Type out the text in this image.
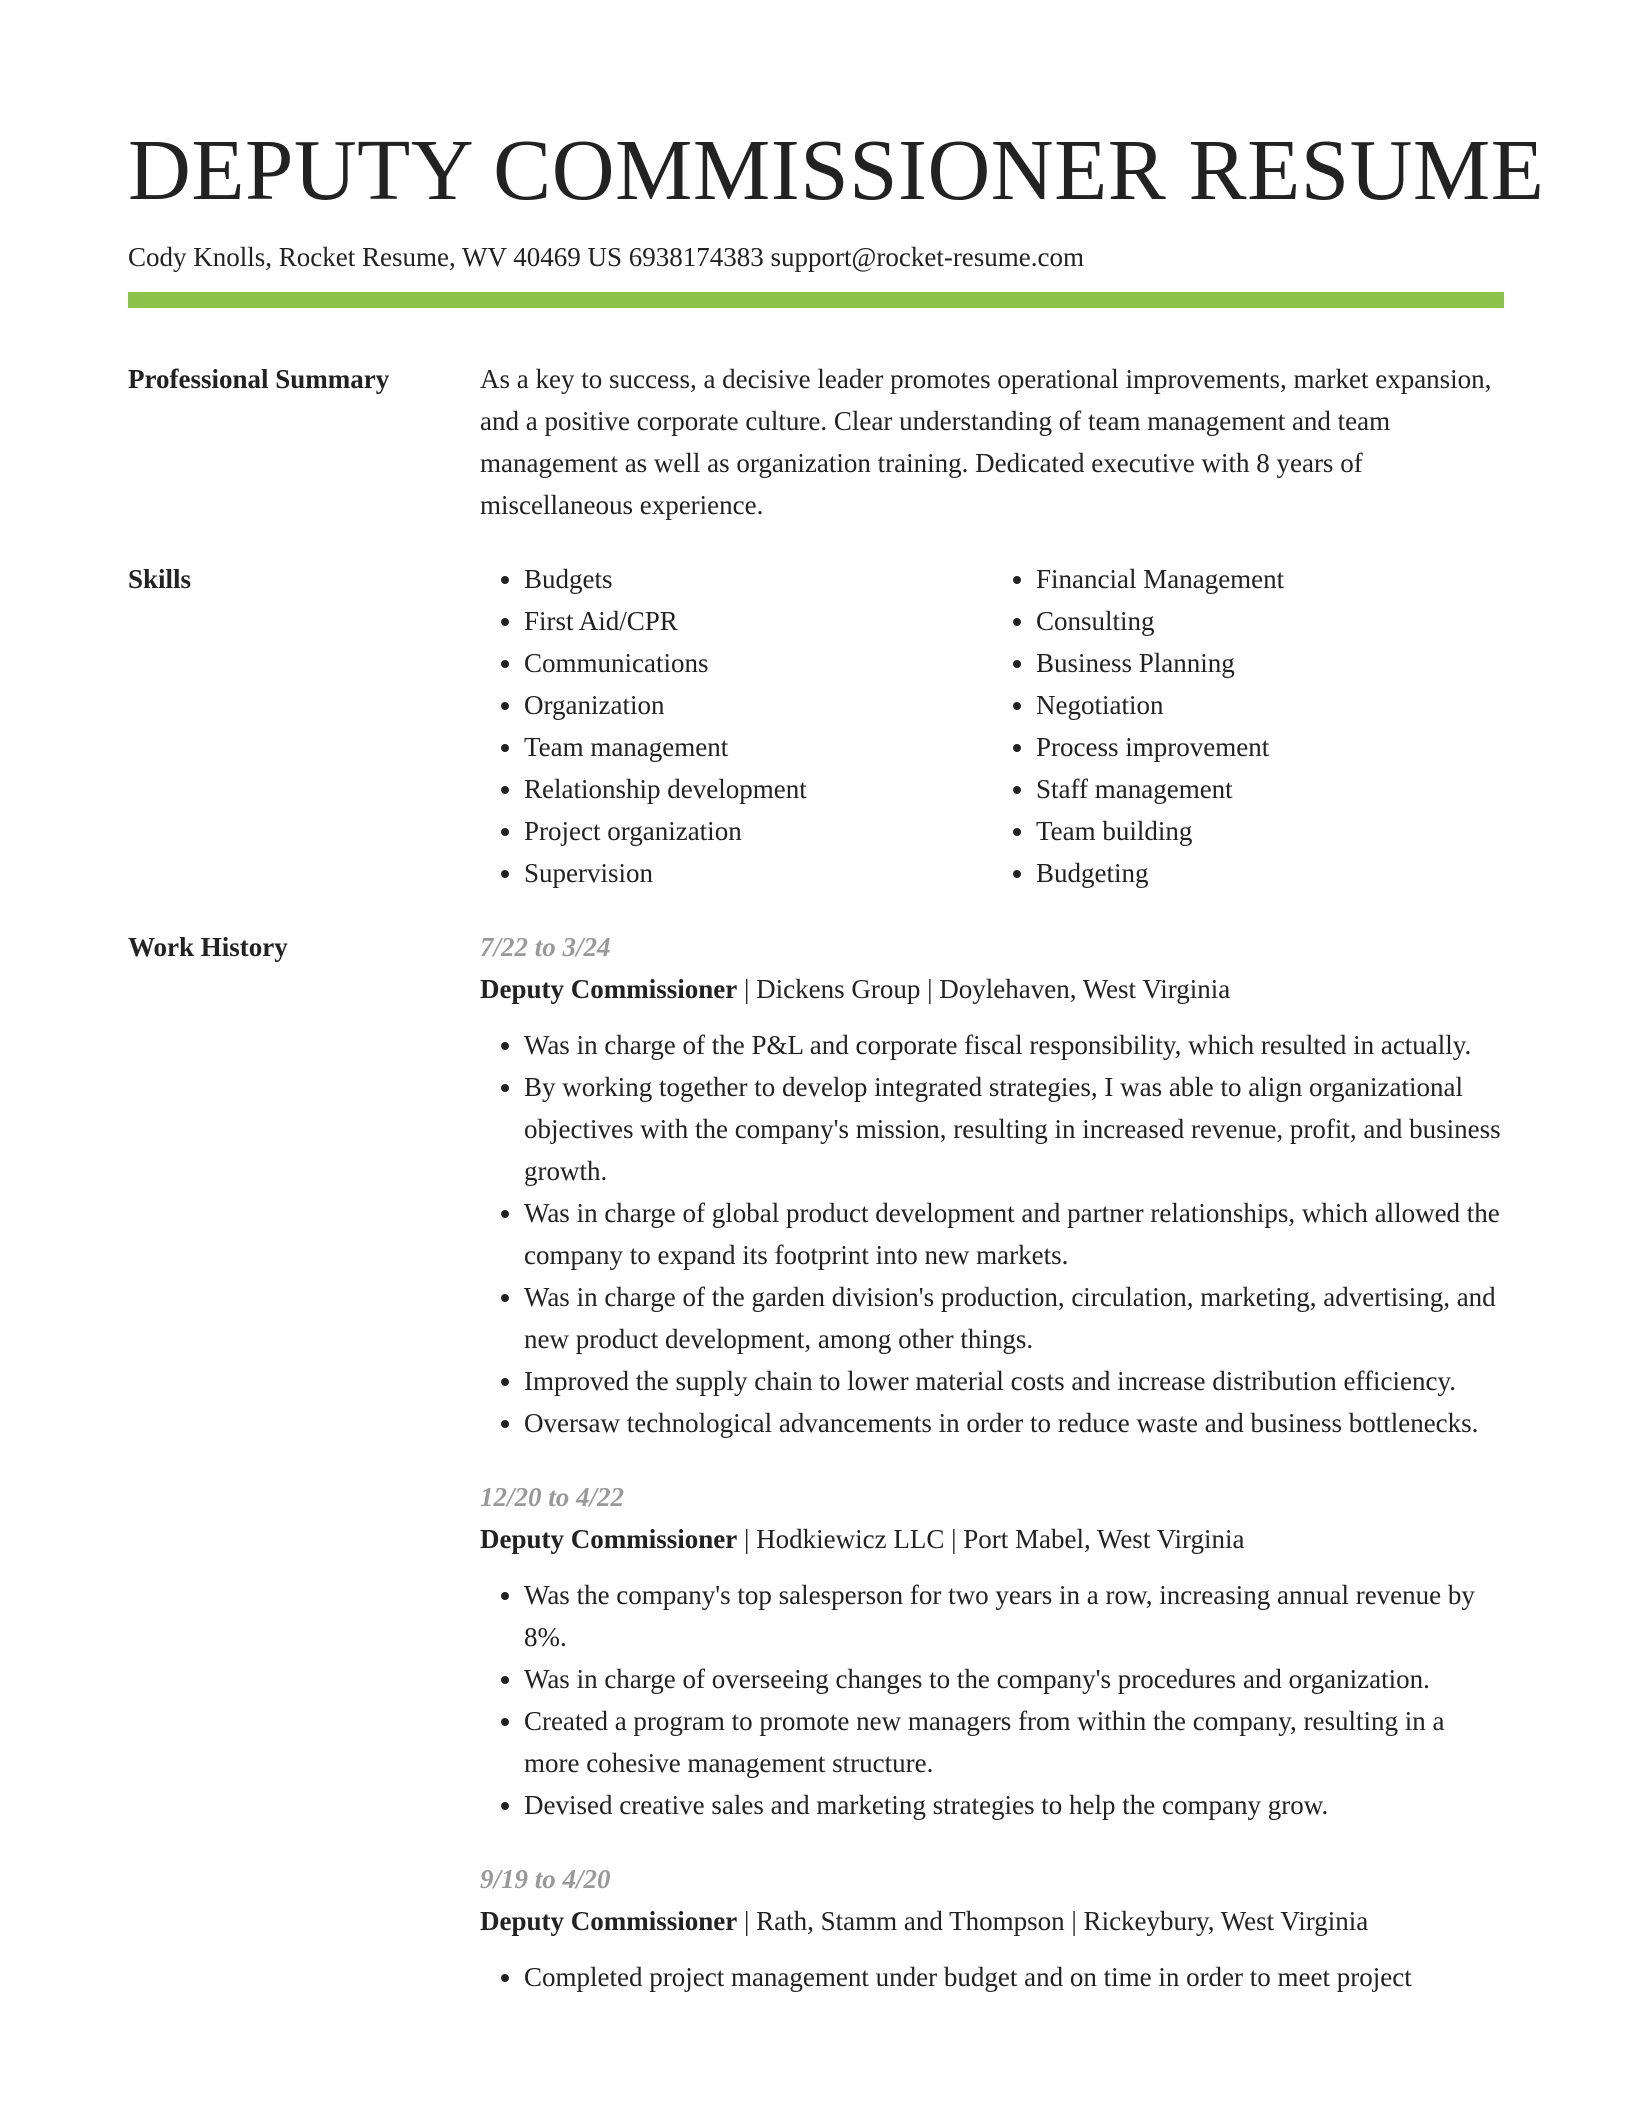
DEPUTY COMMISSIONER RESUME
Cody Knolls, Rocket Resume, WV 40469 US 6938174383 support@rocket-resume.com
Professional Summary	As a key to success, a decisive leader promotes operational improvements, market expansion, and a positive corporate culture. Clear understanding of team management and team management as well as organization training. Dedicated executive with 8 years of miscellaneous experience.

Skills
•	Budgets
• First Aid/CPR
• Communications
• Organization
• Team management
• Relationship development
• Project organization
• Supervision
• Financial Management
• Consulting
• Business Planning
• Negotiation
• Process improvement
• Staff management
• Team building
• Budgeting
Work History	7/22 to 3/24
Deputy Commissioner | Dickens Group | Doylehaven, West Virginia
• Was in charge of the P&L and corporate fiscal responsibility, which resulted in actually.
• By working together to develop integrated strategies, I was able to align organizational objectives with the company's mission, resulting in increased revenue, profit, and business growth.
• Was in charge of global product development and partner relationships, which allowed the company to expand its footprint into new markets.
• Was in charge of the garden division's production, circulation, marketing, advertising, and new product development, among other things.
• Improved the supply chain to lower material costs and increase distribution efficiency.
• Oversaw technological advancements in order to reduce waste and business bottlenecks.
12/20 to 4/22
Deputy Commissioner | Hodkiewicz LLC | Port Mabel, West Virginia
• Was the company's top salesperson for two years in a row, increasing annual revenue by 8%.
• Was in charge of overseeing changes to the company's procedures and organization.
• Created a program to promote new managers from within the company, resulting in a more cohesive management structure.
• Devised creative sales and marketing strategies to help the company grow.
9/19 to 4/20
Deputy Commissioner | Rath, Stamm and Thompson | Rickeybury, West Virginia
• Completed project management under budget and on time in order to meet project
